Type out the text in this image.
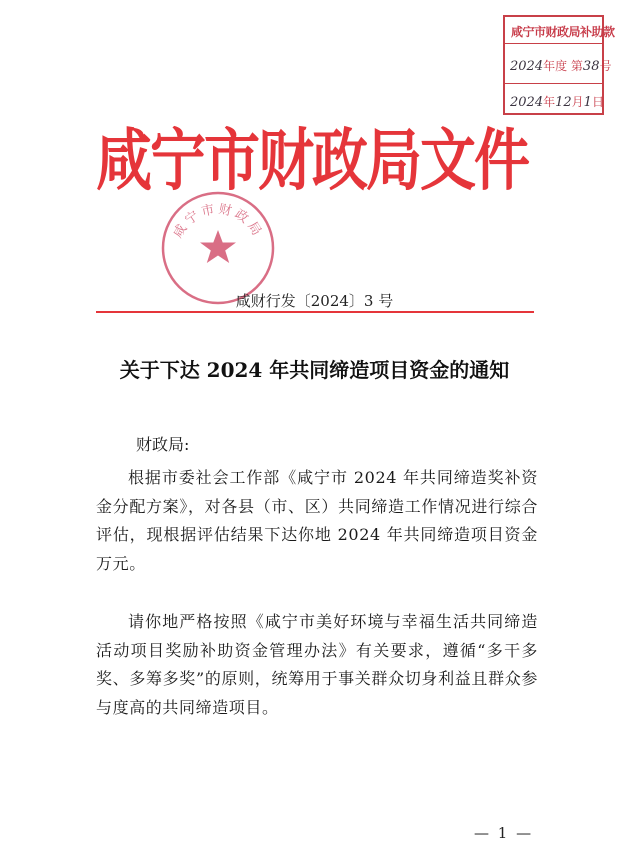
咸宁市财政局补助款
2024年度 第38号
2024年12月1日
咸宁市财政局文件
咸宁市财政局
咸财行发〔2024〕3 号
关于下达 2024 年共同缔造项目资金的通知
财政局:
根据市委社会工作部《咸宁市 2024 年共同缔造奖补资金分配方案》，对各县（市、区）共同缔造工作情况进行综合评估，现根据评估结果下达你地 2024 年共同缔造项目资金　　万元。
请你地严格按照《咸宁市美好环境与幸福生活共同缔造活动项目奖励补助资金管理办法》有关要求，遵循“多干多奖、多筹多奖”的原则，统筹用于事关群众切身利益且群众参与度高的共同缔造项目。
— 1 —
